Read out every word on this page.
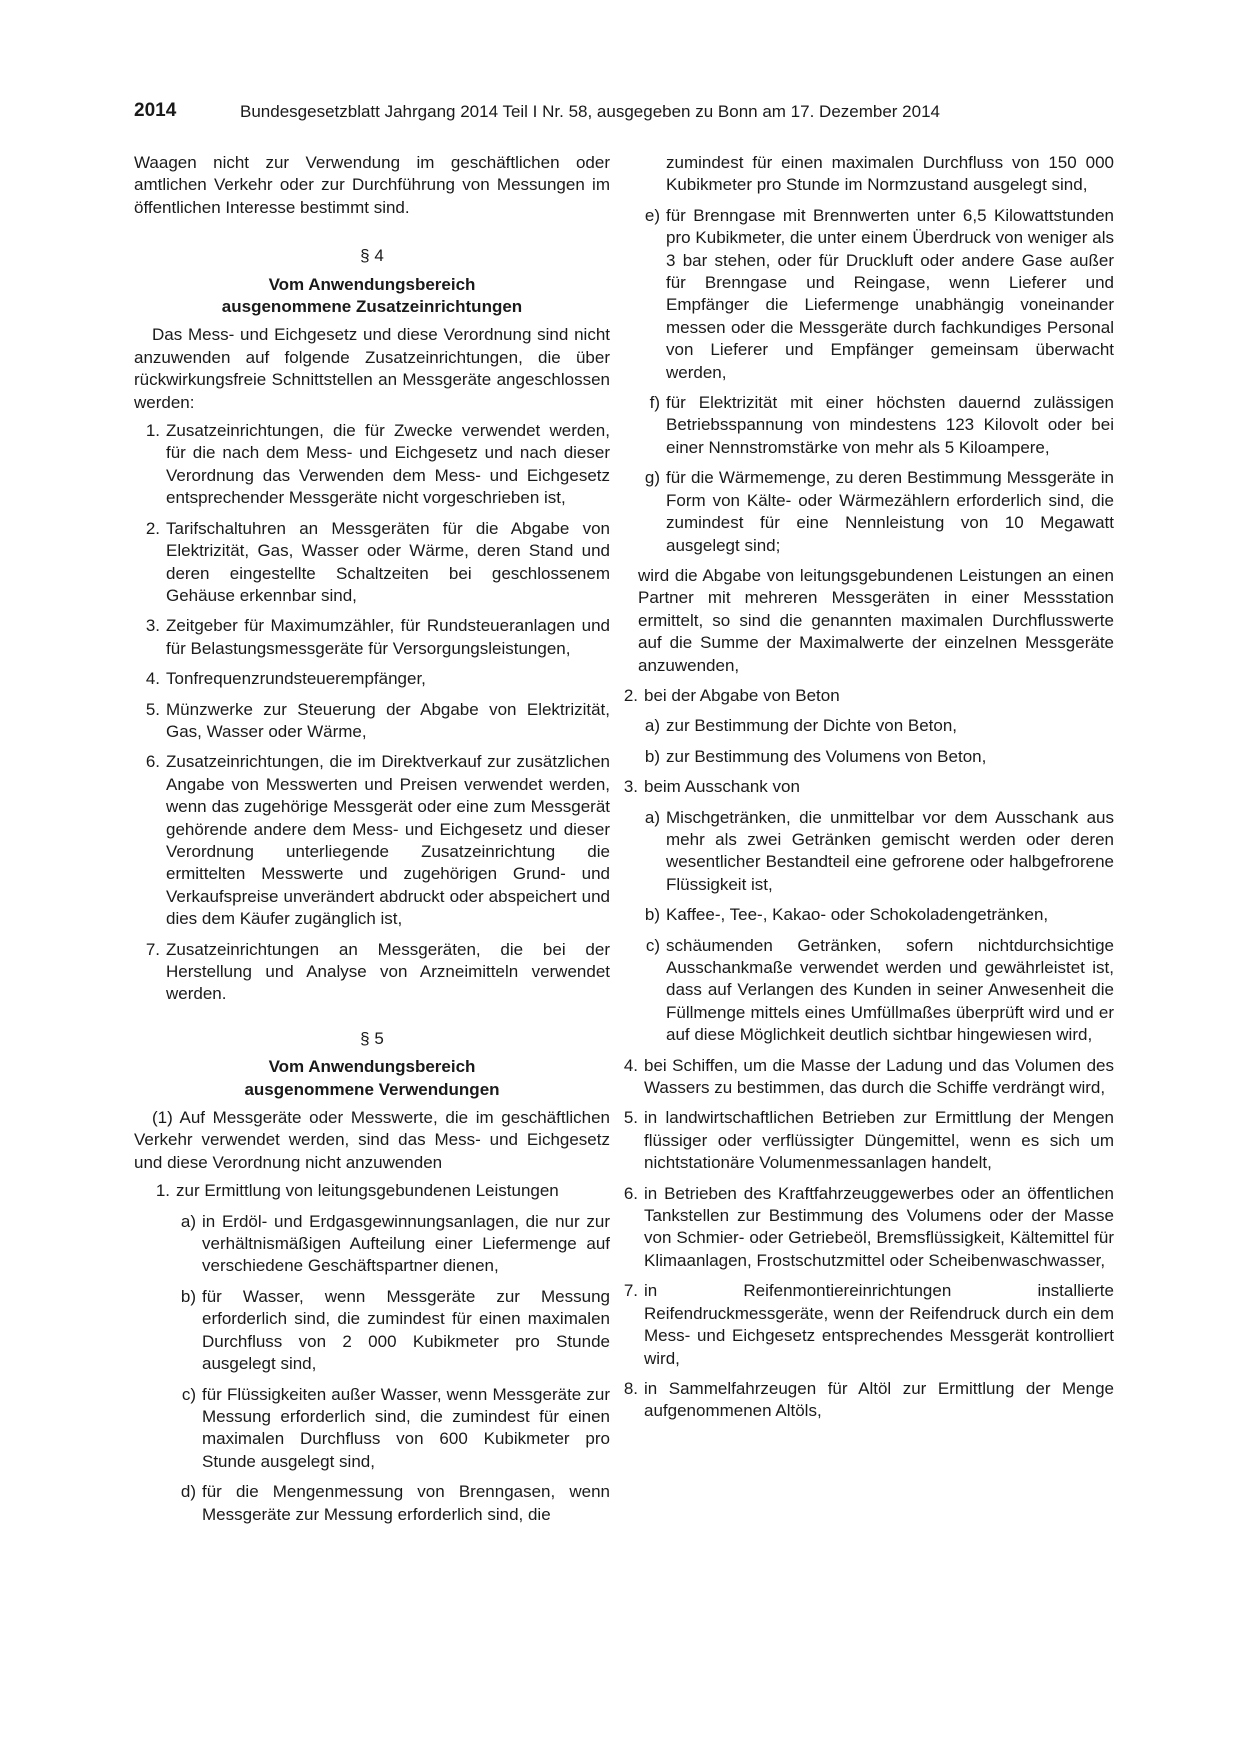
2014	Bundesgesetzblatt Jahrgang 2014 Teil I Nr. 58, ausgegeben zu Bonn am 17. Dezember 2014

Waagen nicht zur Verwendung im geschäftlichen oder amtlichen Verkehr oder zur Durchführung von Messungen im öffentlichen Interesse bestimmt sind.

§ 4
Vom Anwendungsbereich
ausgenommene Zusatzeinrichtungen

Das Mess- und Eichgesetz und diese Verordnung sind nicht anzuwenden auf folgende Zusatzeinrichtungen, die über rückwirkungsfreie Schnittstellen an Messgeräte angeschlossen werden:

1. Zusatzeinrichtungen, die für Zwecke verwendet werden, für die nach dem Mess- und Eichgesetz und nach dieser Verordnung das Verwenden dem Mess- und Eichgesetz entsprechender Messgeräte nicht vorgeschrieben ist,
2. Tarifschaltuhren an Messgeräten für die Abgabe von Elektrizität, Gas, Wasser oder Wärme, deren Stand und deren eingestellte Schaltzeiten bei geschlossenem Gehäuse erkennbar sind,
3. Zeitgeber für Maximumzähler, für Rundsteueranlagen und für Belastungsmessgeräte für Versorgungsleistungen,
4. Tonfrequenzrundsteuerempfänger,
5. Münzwerke zur Steuerung der Abgabe von Elektrizität, Gas, Wasser oder Wärme,
6. Zusatzeinrichtungen, die im Direktverkauf zur zusätzlichen Angabe von Messwerten und Preisen verwendet werden, wenn das zugehörige Messgerät oder eine zum Messgerät gehörende andere dem Mess- und Eichgesetz und dieser Verordnung unterliegende Zusatzeinrichtung die ermittelten Messwerte und zugehörigen Grund- und Verkaufspreise unverändert abdruckt oder abspeichert und dies dem Käufer zugänglich ist,
7. Zusatzeinrichtungen an Messgeräten, die bei der Herstellung und Analyse von Arzneimitteln verwendet werden.
§ 5
Vom Anwendungsbereich
ausgenommene Verwendungen

(1) Auf Messgeräte oder Messwerte, die im geschäftlichen Verkehr verwendet werden, sind das Mess- und Eichgesetz und diese Verordnung nicht anzuwenden

1. zur Ermittlung von leitungsgebundenen Leistungen
a) in Erdöl- und Erdgasgewinnungsanlagen, die nur zur verhältnismäßigen Aufteilung einer Liefermenge auf verschiedene Geschäftspartner dienen,
b) für Wasser, wenn Messgeräte zur Messung erforderlich sind, die zumindest für einen maximalen Durchfluss von 2 000 Kubikmeter pro Stunde ausgelegt sind,
c) für Flüssigkeiten außer Wasser, wenn Messgeräte zur Messung erforderlich sind, die zumindest für einen maximalen Durchfluss von 600 Kubikmeter pro Stunde ausgelegt sind,
d) für die Mengenmessung von Brenngasen, wenn Messgeräte zur Messung erforderlich sind, die
zumindest für einen maximalen Durchfluss von 150 000 Kubikmeter pro Stunde im Normzustand ausgelegt sind,
e) für Brenngase mit Brennwerten unter 6,5 Kilowattstunden pro Kubikmeter, die unter einem Überdruck von weniger als 3 bar stehen, oder für Druckluft oder andere Gase außer für Brenngase und Reingase, wenn Lieferer und Empfänger die Liefermenge unabhängig voneinander messen oder die Messgeräte durch fachkundiges Personal von Lieferer und Empfänger gemeinsam überwacht werden,
f) für Elektrizität mit einer höchsten dauernd zulässigen Betriebsspannung von mindestens 123 Kilovolt oder bei einer Nennstromstärke von mehr als 5 Kiloampere,
g) für die Wärmemenge, zu deren Bestimmung Messgeräte in Form von Kälte- oder Wärmezählern erforderlich sind, die zumindest für eine Nennleistung von 10 Megawatt ausgelegt sind;

wird die Abgabe von leitungsgebundenen Leistungen an einen Partner mit mehreren Messgeräten in einer Messstation ermittelt, so sind die genannten maximalen Durchflusswerte auf die Summe der Maximalwerte der einzelnen Messgeräte anzuwenden,

2. bei der Abgabe von Beton
a) zur Bestimmung der Dichte von Beton,
b) zur Bestimmung des Volumens von Beton,
3. beim Ausschank von
a) Mischgetränken, die unmittelbar vor dem Ausschank aus mehr als zwei Getränken gemischt werden oder deren wesentlicher Bestandteil eine gefrorene oder halbgefrorene Flüssigkeit ist,
b) Kaffee-, Tee-, Kakao- oder Schokoladengetränken,
c) schäumenden Getränken, sofern nichtdurchsichtige Ausschankmaße verwendet werden und gewährleistet ist, dass auf Verlangen des Kunden in seiner Anwesenheit die Füllmenge mittels eines Umfüllmaßes überprüft wird und er auf diese Möglichkeit deutlich sichtbar hingewiesen wird,
4. bei Schiffen, um die Masse der Ladung und das Volumen des Wassers zu bestimmen, das durch die Schiffe verdrängt wird,
5. in landwirtschaftlichen Betrieben zur Ermittlung der Mengen flüssiger oder verflüssigter Düngemittel, wenn es sich um nichtstationäre Volumenmessanlagen handelt,
6. in Betrieben des Kraftfahrzeuggewerbes oder an öffentlichen Tankstellen zur Bestimmung des Volumens oder der Masse von Schmier- oder Getriebeöl, Bremsflüssigkeit, Kältemittel für Klimaanlagen, Frostschutzmittel oder Scheibenwaschwasser,
7. in Reifenmontiereinrichtungen installierte Reifendruckmessgeräte, wenn der Reifendruck durch ein dem Mess- und Eichgesetz entsprechendes Messgerät kontrolliert wird,
8. in Sammelfahrzeugen für Altöl zur Ermittlung der Menge aufgenommenen Altöls,
